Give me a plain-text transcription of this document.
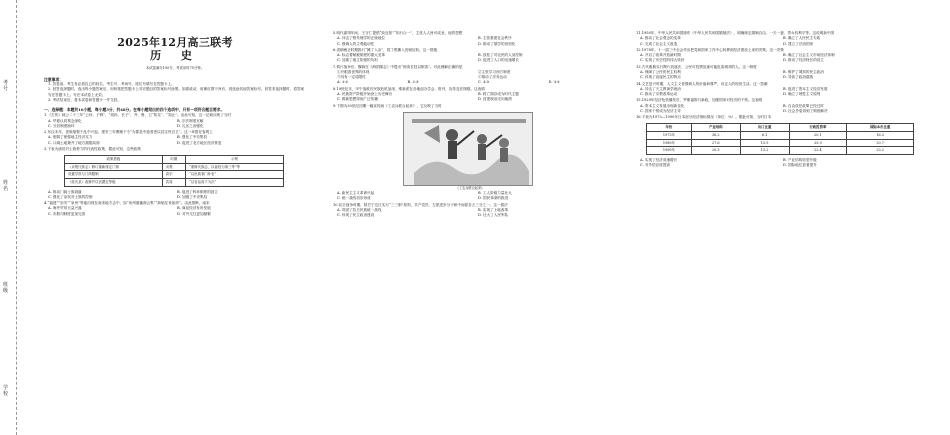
考号
姓名
班级
学校
2025年12月高三联考
历 史
本试卷满分100分，考试用时75分钟。
注意事项：
1. 答卷前，考生务必将自己的姓名、考生号、考场号、座位号填写在答题卡上。
2. 回答选择题时，选出每小题答案后，用铅笔把答题卡上对应题目的答案标号涂黑。如需改动，用橡皮擦干净后，再选涂其他答案标号。回答非选择题时，将答案写在答题卡上。写在本试卷上无效。
3. 考试结束后，将本试卷和答题卡一并交回。
一、选择题：本题共16小题，每小题3分，共48分。在每小题给出的四个选项中，只有一项符合题目要求。
1.《左传》载公二十三年“公孙、子鲜”、“叔孙、长子”，齐、鲁、卫“知足”、“知止”。由此可知，这一记载反映了当时
A. 华夏认同观念深化	B. 宗法制度瓦解
C. 分封制度崩坏	D. 礼乐之治强化
2.东汉末年，世族豪强于乱中兴起，建安三年曹操下令“为郡县中道者悉以其宝货自卫”。这一举措在客观上
A. 削弱了豪强地主经济实力	B. 强化了中央集权
C. 口阔土地兼并了地方割据局面	D. 促进了北方地区经济恢复
3.下表为唐初对士族势力的代表性政策，据此可知，这些政策
政策措施	时期	示例
《贞观氏族志》修订重新排定门第	贞观	“重修氏族志，以崔姓为第三等”等
设置学馆与门荫限制	高宗	“以庶族寒门补吏”
《姓氏录》改修并以官爵定等级	武周	“以官品高下为次”
A. 推动门阀士族衰落	B. 促进了科举制度的创立
C. 强化了皇权对士族的控制	D. 加强了中央集权
4.“福建”“崇安”“泉州”等地出现在南宋地方志中，如“泉州港蕃商云集”“商船往来如织”。由此推断，南宋
A. 海外贸易日益兴盛	B. 商品经济有所发展
C. 市舶司制度更加完善	D. 对外交往更加频繁
5.明代嘉靖年间，王守仁提倡“致良知”“知行合一”，主张人人皆可成圣。他的思想
A. 冲击了程朱理学的正统地位	B. 主张重建社会秩序
C. 强调人的主观能动性	D. 推动了儒学的世俗化
6.清朝雍正时期推行“摊丁入亩”，将丁银摊入田赋征收。这一措施
A. 标志着赋税制度的重大变革	B. 放松了对农民的人身控制
C. 加重了地主阶级的负担	D. 促进了人口的迅速增长
7.鸦片战争后，魏源在《海国图志》中提出“师夷长技以制夷”。对此理解正确的是
①开眼看世界的体现	②主张学习西方制度
③具有一定局限性	④推动了洋务运动
A. ①②	B. ①③	C. ②③	D. ③④
8.19世纪末，甲午战败后民族危机加深，维新派在各地创办学会、报刊，宣传变法图强。这表明
A. 民族资产阶级开始登上历史舞台	B. 救亡图存成为时代主题
C. 维新思想得到广泛传播	D. 封建统治走向崩溃
9.下图为20世纪初期一幅宣传画《工农兵联合起来》，它反映了当时
《工农兵联合起来》
A. 新民主主义革命兴起	B. 工人阶级力量壮大
C. 统一战线初步形成	D. 国民革命的推进
10.抗日战争时期，陕甘宁边区实行“三三制”原则，共产党员、左派进步分子和中间派各占三分之一。这一做法
A. 巩固了抗日民族统一战线	B. 实现了土地改革
C. 体现了民主政治建设	D. 壮大了人民军队
11.1950年，中华人民共和国颁布《中华人民共和国婚姻法》，明确规定婚姻自由、一夫一妻、男女权利平等。这说明新中国
A. 推动了社会观念的变革	B. 确立了人民民主专政
C. 完成了社会主义改造	D. 建立了法治国家
12.1978年，十一届三中全会作出把党和国家工作中心转移到经济建设上来的决策。这一决策
A. 开启了改革开放新时期	B. 确立了社会主义市场经济体制
C. 实现了历史性的伟大转折	D. 推动了经济特区的设立
13.古代雅典实行陶片放逐法，公民可投票放逐可能危害城邦的人。这一制度
A. 保障了公民的民主权利	B. 维护了城邦的民主政治
C. 体现了直接民主的特点	D. 导致了政治腐败
14.文艺复兴时期，人文主义者强调人的价值和尊严，肯定人的现世生活。这一思潮
A. 冲击了天主教神学统治	B. 促进了资本主义经济发展
C. 推动了宗教改革运动	D. 确立了理性主义原则
15.1929年经济危机爆发后，罗斯福推行新政，加强国家对经济的干预。这表明
A. 资本主义发展出现新变化	B. 自由放任政策已经过时
C. 国家干预成为经济主导	D. 社会矛盾得到了彻底解决
16.下表为1973—1990年日本部分经济指标情况（单位：%）。据此可知，当时日本
年份	产业结构	出口比重	行政投资率	国际本币比重
1973年	36.2	6.1	20.1	16.3
1980年	27.6	15.9	25.9	20.7
1990年	20.3	15.2	22.4	23.2
A. 实现了经济高速增长	B. 产业结构转型升级
C. 对外依存度提高	D. 国际地位显著提升
